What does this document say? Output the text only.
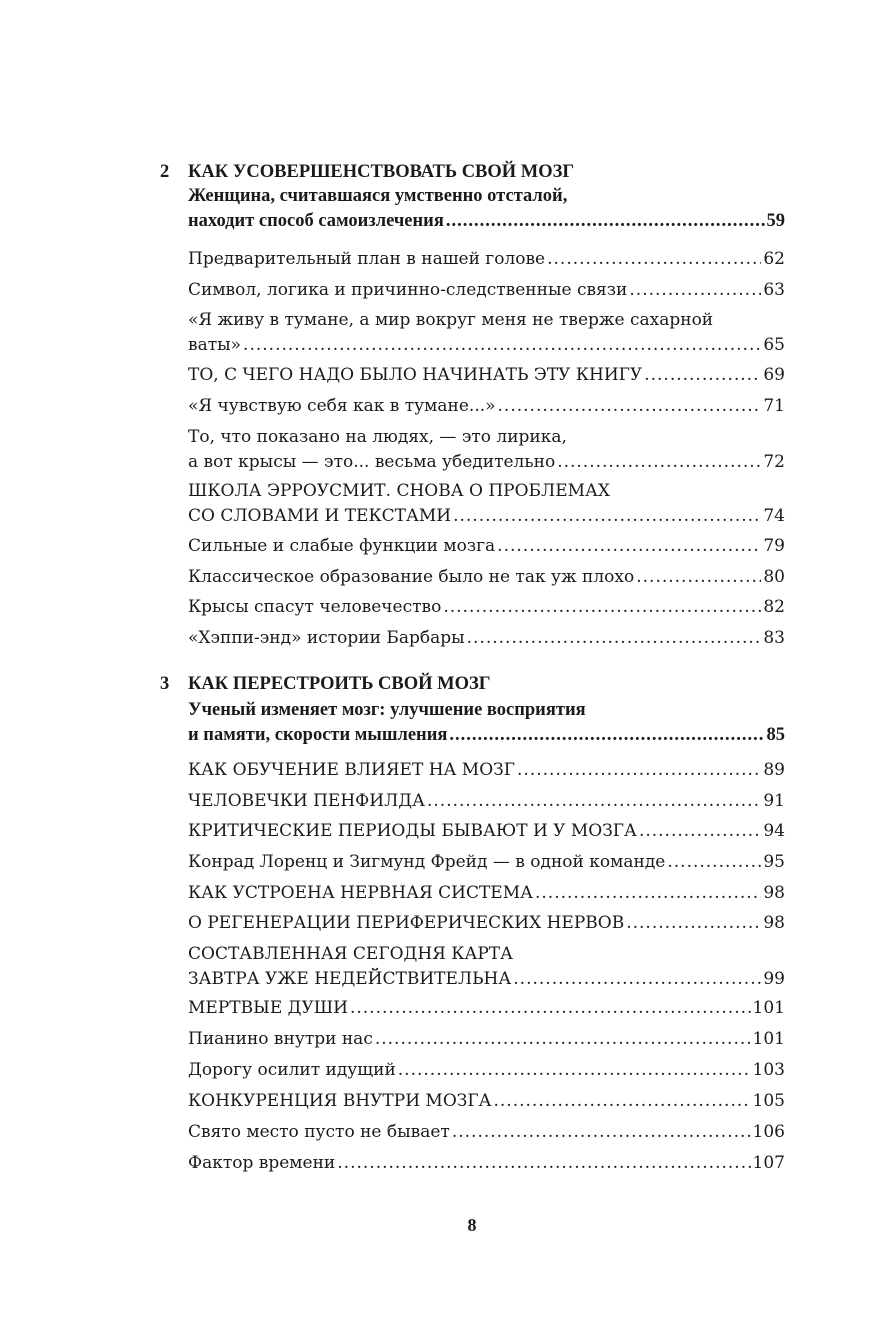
2 КАК УСОВЕРШЕНСТВОВАТЬ СВОЙ МОЗГ
Женщина, считавшаяся умственно отсталой,
находит способ самоизлечения .....	59
Предварительный план в нашей голове .....	62
Символ, логика и причинно-следственные связи .....	63
«Я живу в тумане, а мир вокруг меня не тверже сахарной
ваты» .....	65
ТО, С ЧЕГО НАДО БЫЛО НАЧИНАТЬ ЭТУ КНИГУ .....	69
«Я чувствую себя как в тумане...» .....	71
То, что показано на людях, — это лирика,
а вот крысы — это... весьма убедительно .....	72
ШКОЛА ЭРРОУСМИТ. СНОВА О ПРОБЛЕМАХ
СО СЛОВАМИ И ТЕКСТАМИ .....	74
Сильные и слабые функции мозга .....	79
Классическое образование было не так уж плохо .....	80
Крысы спасут человечество .....	82
«Хэппи-энд» истории Барбары .....	83
3 КАК ПЕРЕСТРОИТЬ СВОЙ МОЗГ
Ученый изменяет мозг: улучшение восприятия
и памяти, скорости мышления .....	85
КАК ОБУЧЕНИЕ ВЛИЯЕТ НА МОЗГ .....	89
ЧЕЛОВЕЧКИ ПЕНФИЛДА .....	91
КРИТИЧЕСКИЕ ПЕРИОДЫ БЫВАЮТ И У МОЗГА .....	94
Конрад Лоренц и Зигмунд Фрейд — в одной команде .....	95
КАК УСТРОЕНА НЕРВНАЯ СИСТЕМА .....	98
О РЕГЕНЕРАЦИИ ПЕРИФЕРИЧЕСКИХ НЕРВОВ .....	98
СОСТАВЛЕННАЯ СЕГОДНЯ КАРТА
ЗАВТРА УЖЕ НЕДЕЙСТВИТЕЛЬНА .....	99
МЕРТВЫЕ ДУШИ .....	101
Пианино внутри нас .....	101
Дорогу осилит идущий .....	103
КОНКУРЕНЦИЯ ВНУТРИ МОЗГА .....	105
Свято место пусто не бывает .....	106
Фактор времени .....	107
8
